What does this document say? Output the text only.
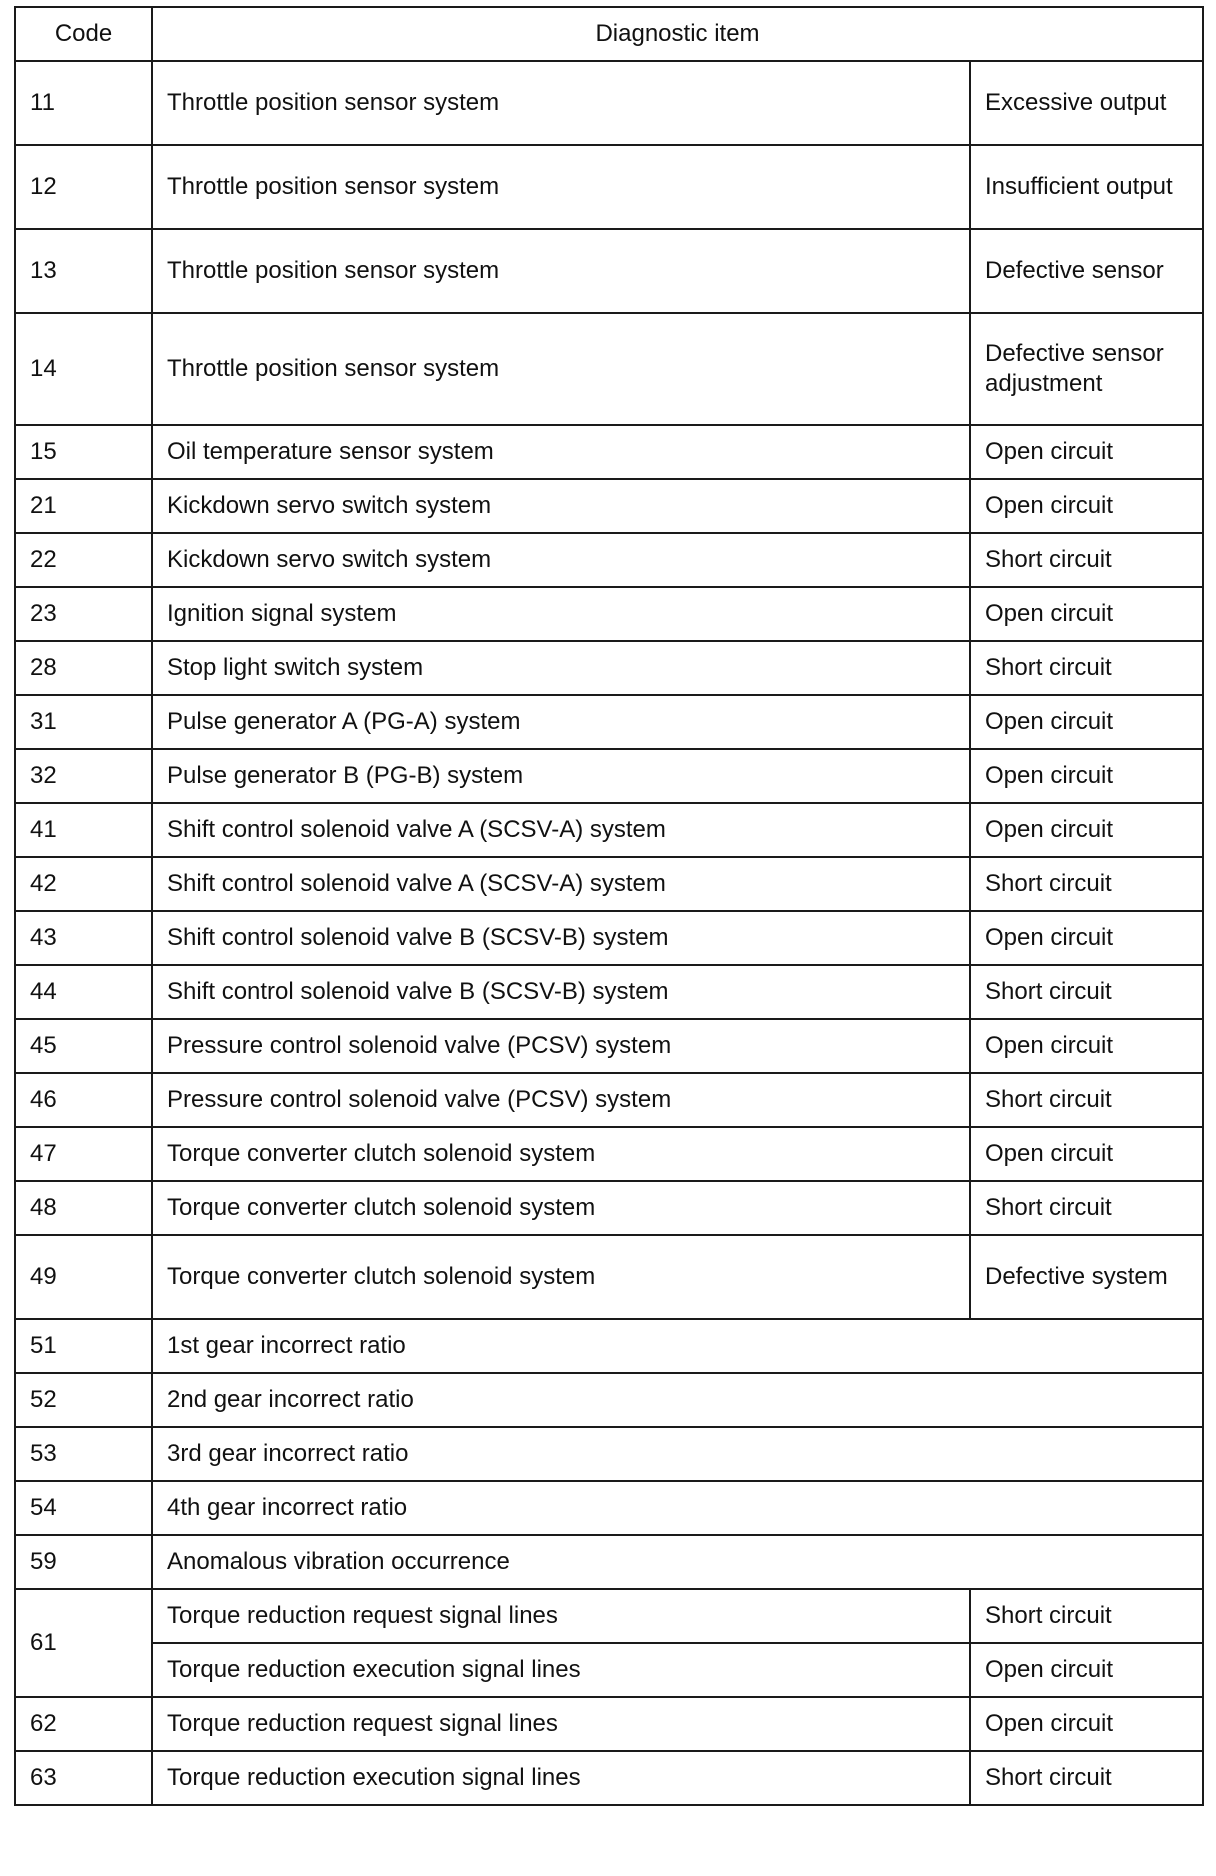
Code	Diagnostic item	
11	Throttle position sensor system	Excessive output
12	Throttle position sensor system	Insufficient output
13	Throttle position sensor system	Defective sensor
14	Throttle position sensor system	Defective sensor adjustment
15	Oil temperature sensor system	Open circuit
21	Kickdown servo switch system	Open circuit
22	Kickdown servo switch system	Short circuit
23	Ignition signal system	Open circuit
28	Stop light switch system	Short circuit
31	Pulse generator A (PG-A) system	Open circuit
32	Pulse generator B (PG-B) system	Open circuit
41	Shift control solenoid valve A (SCSV-A) system	Open circuit
42	Shift control solenoid valve A (SCSV-A) system	Short circuit
43	Shift control solenoid valve B (SCSV-B) system	Open circuit
44	Shift control solenoid valve B (SCSV-B) system	Short circuit
45	Pressure control solenoid valve (PCSV) system	Open circuit
46	Pressure control solenoid valve (PCSV) system	Short circuit
47	Torque converter clutch solenoid system	Open circuit
48	Torque converter clutch solenoid system	Short circuit
49	Torque converter clutch solenoid system	Defective system
51	1st gear incorrect ratio	
52	2nd gear incorrect ratio	
53	3rd gear incorrect ratio	
54	4th gear incorrect ratio	
59	Anomalous vibration occurrence	
61	Torque reduction request signal lines	Short circuit
	Torque reduction execution signal lines	Open circuit
62	Torque reduction request signal lines	Open circuit
63	Torque reduction execution signal lines	Short circuit
